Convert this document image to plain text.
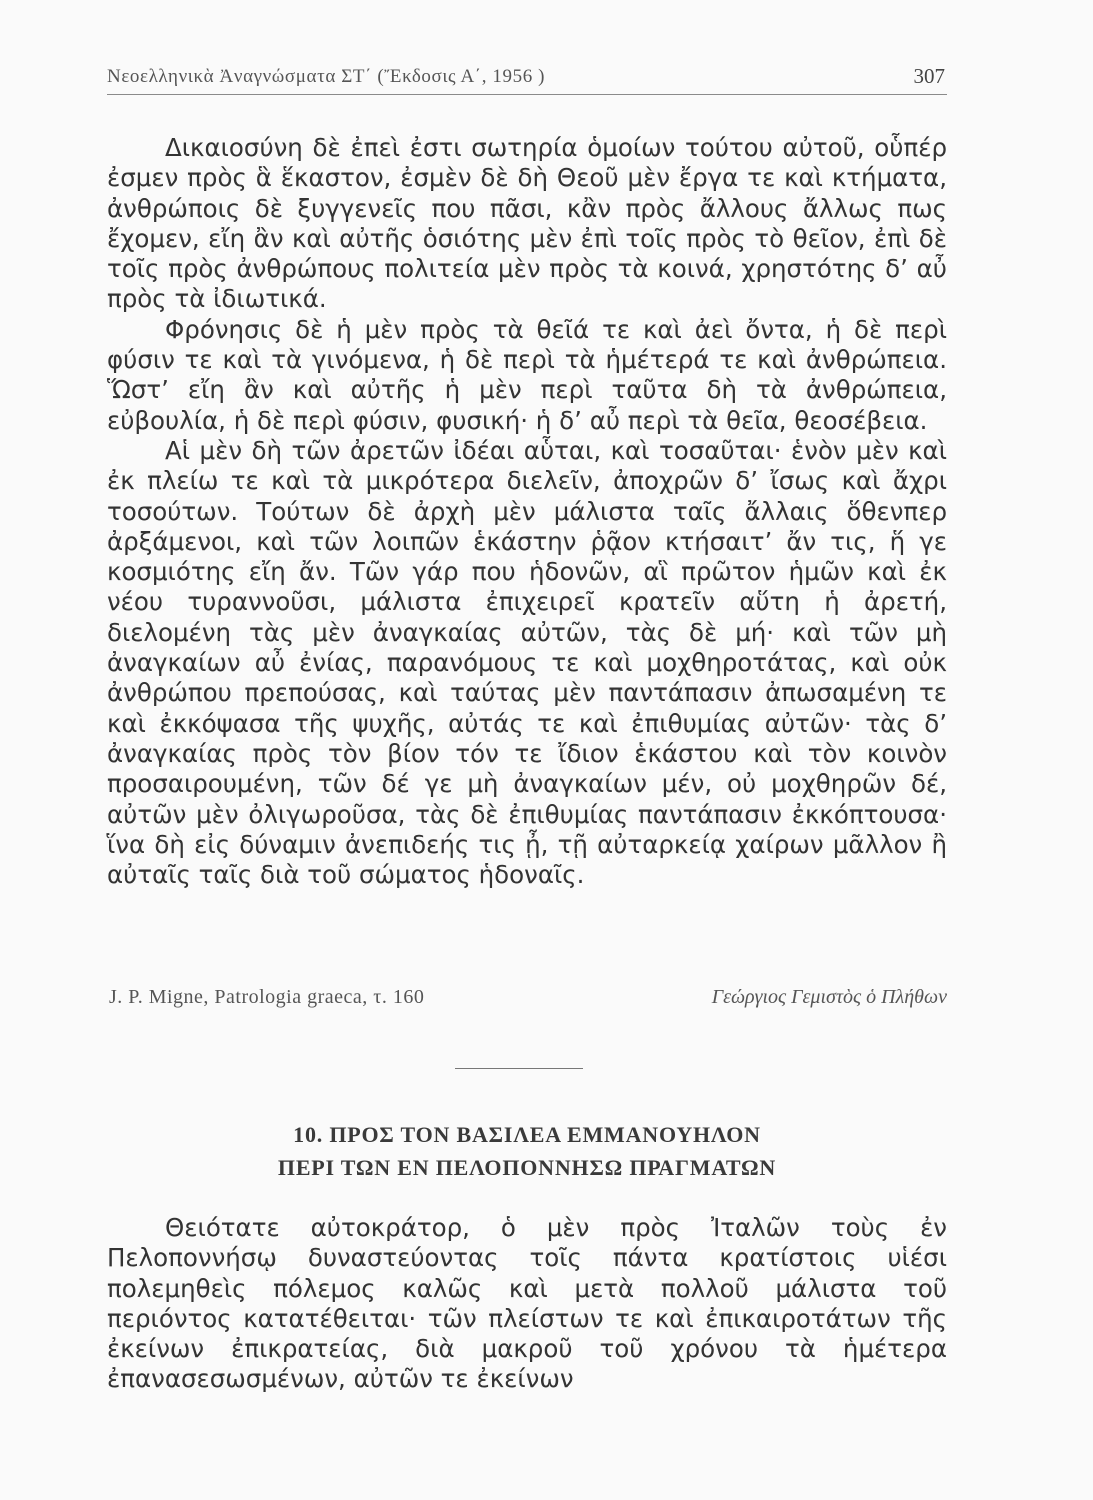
Νεοελληνικὰ Ἀναγνώσματα ΣΤ΄ (Ἔκδοσις Α΄, 1956 )	307

Δικαιοσύνη δὲ ἐπεὶ ἐστι σωτηρία ὁμοίων τούτου αὐτοῦ, οὗπέρ ἐσμεν πρὸς ἃ ἕκαστον, ἐσμὲν δὲ δὴ Θεοῦ μὲν ἔργα τε καὶ κτήματα, ἀνθρώποις δὲ ξυγγενεῖς που πᾶσι, κἂν πρὸς ἄλλους ἄλλως πως ἔχομεν, εἴη ἂν καὶ αὐτῆς ὁσιότης μὲν ἐπὶ τοῖς πρὸς τὸ θεῖον, ἐπὶ δὲ τοῖς πρὸς ἀνθρώπους πολιτεία μὲν πρὸς τὰ κοινά, χρηστότης δ’ αὖ πρὸς τὰ ἰδιωτικά.

Φρόνησις δὲ ἡ μὲν πρὸς τὰ θεῖά τε καὶ ἀεὶ ὄντα, ἡ δὲ περὶ φύσιν τε καὶ τὰ γινόμενα, ἡ δὲ περὶ τὰ ἡμέτερά τε καὶ ἀνθρώπεια. Ὥστ’ εἴη ἂν καὶ αὐτῆς ἡ μὲν περὶ ταῦτα δὴ τὰ ἀνθρώπεια, εὐβουλία, ἡ δὲ περὶ φύσιν, φυσική· ἡ δ’ αὖ περὶ τὰ θεῖα, θεοσέβεια.

Αἱ μὲν δὴ τῶν ἀρετῶν ἰδέαι αὗται, καὶ τοσαῦται· ἑνὸν μὲν καὶ ἐκ πλείω τε καὶ τὰ μικρότερα διελεῖν, ἀποχρῶν δ’ ἴσως καὶ ἄχρι τοσούτων. Τούτων δὲ ἀρχὴ μὲν μάλιστα ταῖς ἄλλαις ὅθενπερ ἀρξάμενοι, καὶ τῶν λοιπῶν ἑκάστην ῥᾷον κτήσαιτ’ ἄν τις, ἥ γε κοσμιότης εἴη ἄν. Τῶν γάρ που ἡδονῶν, αἳ πρῶτον ἡμῶν καὶ ἐκ νέου τυραννοῦσι, μάλιστα ἐπιχειρεῖ κρατεῖν αὕτη ἡ ἀρετή, διελομένη τὰς μὲν ἀναγκαίας αὐτῶν, τὰς δὲ μή· καὶ τῶν μὴ ἀναγκαίων αὖ ἐνίας, παρανόμους τε καὶ μοχθηροτάτας, καὶ οὐκ ἀνθρώπου πρεπούσας, καὶ ταύτας μὲν παντάπασιν ἀπωσαμένη τε καὶ ἐκκόψασα τῆς ψυχῆς, αὐτάς τε καὶ ἐπιθυμίας αὐτῶν· τὰς δ’ ἀναγκαίας πρὸς τὸν βίον τόν τε ἴδιον ἑκάστου καὶ τὸν κοινὸν προσαιρουμένη, τῶν δέ γε μὴ ἀναγκαίων μέν, οὐ μοχθηρῶν δέ, αὐτῶν μὲν ὀλιγωροῦσα, τὰς δὲ ἐπιθυμίας παντάπασιν ἐκκόπτουσα· ἵνα δὴ εἰς δύναμιν ἀνεπιδεής τις ᾖ, τῇ αὐταρκείᾳ χαίρων μᾶλλον ἢ αὐταῖς ταῖς διὰ τοῦ σώματος ἡδοναῖς.

J. P. Migne, Patrologia graeca, τ. 160	Γεώργιος Γεμιστὸς ὁ Πλήθων
10. ΠΡΟΣ ΤΟΝ ΒΑΣΙΛΕΑ ΕΜΜΑΝΟΥΗΛΟΝ
ΠΕΡΙ ΤΩΝ ΕΝ ΠΕΛΟΠΟΝΝΗΣΩ ΠΡΑΓΜΑΤΩΝ

Θειότατε αὐτοκράτορ, ὁ μὲν πρὸς Ἰταλῶν τοὺς ἐν Πελοποννήσῳ δυναστεύοντας τοῖς πάντα κρατίστοις υἱέσι πολεμηθεὶς πόλεμος καλῶς καὶ μετὰ πολλοῦ μάλιστα τοῦ περιόντος κατατέθειται· τῶν πλείστων τε καὶ ἐπικαιροτάτων τῆς ἐκείνων ἐπικρατείας, διὰ μακροῦ τοῦ χρόνου τὰ ἡμέτερα ἐπανασεσωσμένων, αὐτῶν τε ἐκείνων
